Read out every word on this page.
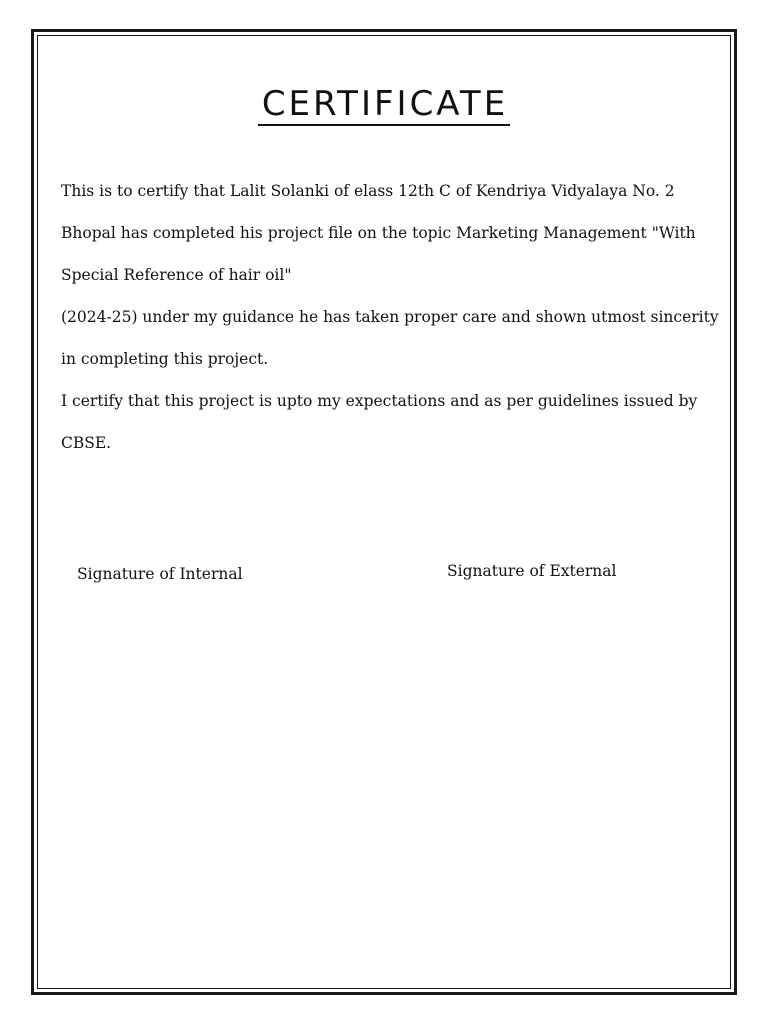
CERTIFICATE

This is to certify that Lalit Solanki of elass 12th C of Kendriya Vidyalaya No. 2 Bhopal has completed his project file on the topic Marketing Management "With Special Reference of hair oil"

(2024-25) under my guidance he has taken proper care and shown utmost sincerity in completing this project.

I certify that this project is upto my expectations and as per guidelines issued by CBSE.

Signature of Internal	Signature of External
